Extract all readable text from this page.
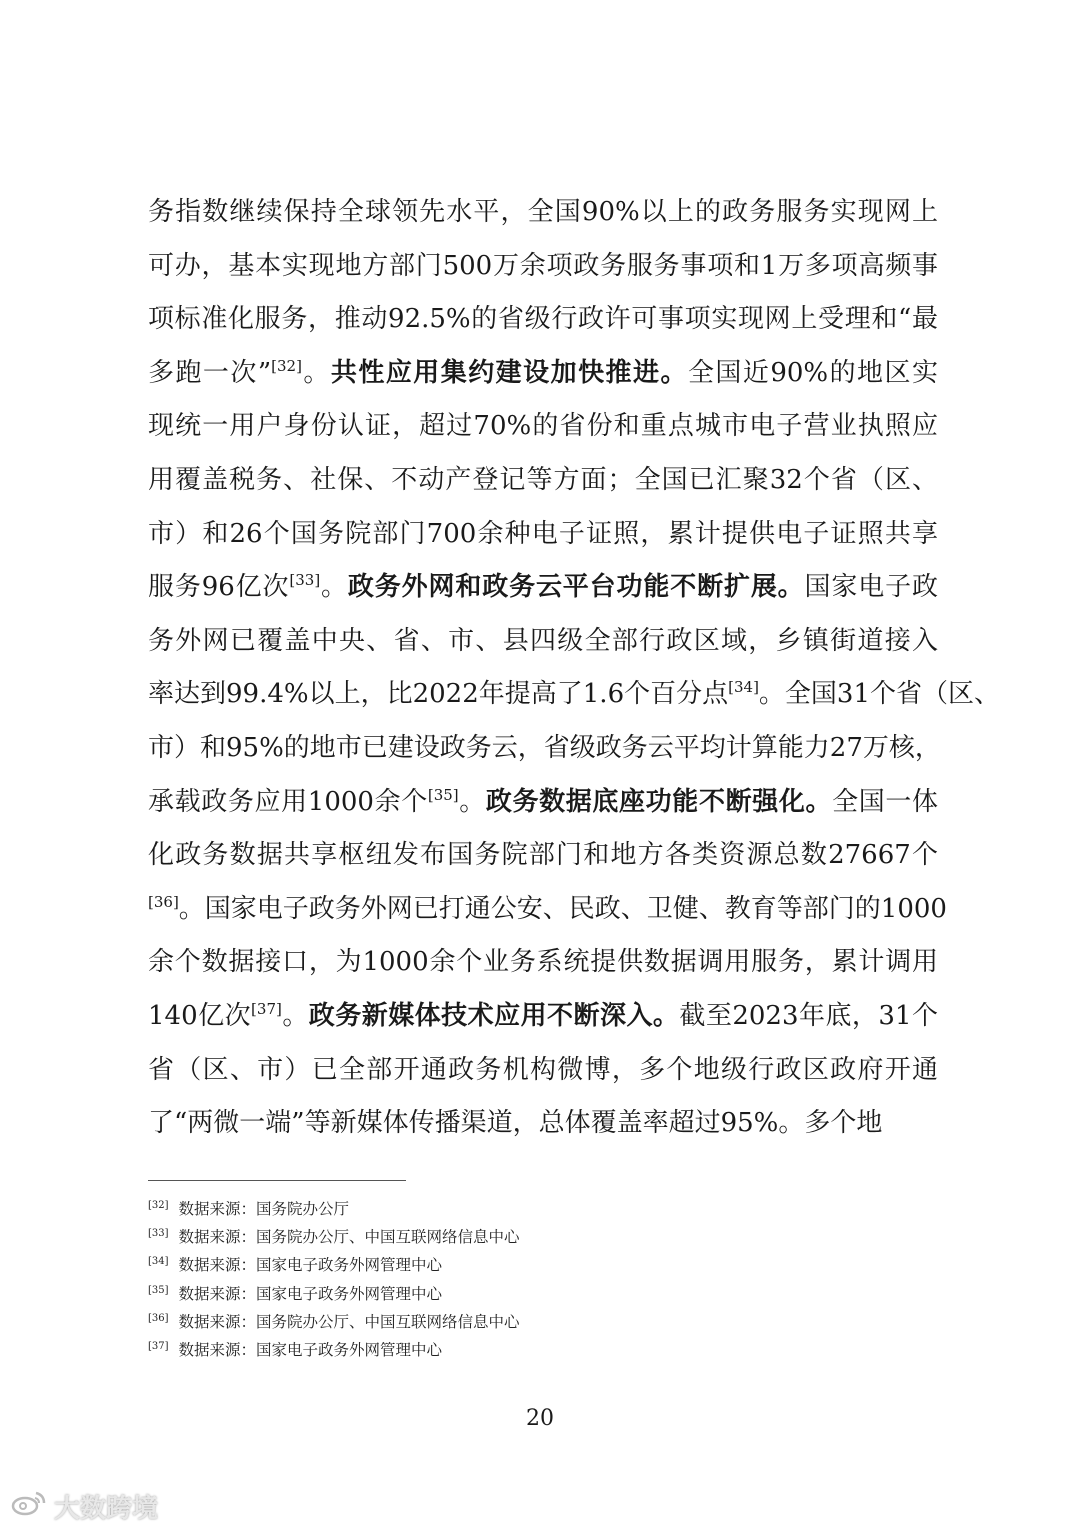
务指数继续保持全球领先水平，全国90%以上的政务服务实现网上
可办，基本实现地方部门500万余项政务服务事项和1万多项高频事
项标准化服务，推动92.5%的省级行政许可事项实现网上受理和“最
多跑一次”[32]。共性应用集约建设加快推进。全国近90%的地区实
现统一用户身份认证，超过70%的省份和重点城市电子营业执照应
用覆盖税务、社保、不动产登记等方面；全国已汇聚32个省（区、
市）和26个国务院部门700余种电子证照，累计提供电子证照共享
服务96亿次[33]。政务外网和政务云平台功能不断扩展。国家电子政
务外网已覆盖中央、省、市、县四级全部行政区域，乡镇街道接入
率达到99.4%以上，比2022年提高了1.6个百分点[34]。全国31个省（区、
市）和95%的地市已建设政务云，省级政务云平均计算能力27万核，
承载政务应用1000余个[35]。政务数据底座功能不断强化。全国一体
化政务数据共享枢纽发布国务院部门和地方各类资源总数27667个
[36]。国家电子政务外网已打通公安、民政、卫健、教育等部门的1000
余个数据接口，为1000余个业务系统提供数据调用服务，累计调用
140亿次[37]。政务新媒体技术应用不断深入。截至2023年底，31个
省（区、市）已全部开通政务机构微博，多个地级行政区政府开通
了“两微一端”等新媒体传播渠道，总体覆盖率超过95%。多个地
[32] 数据来源：国务院办公厅
[33] 数据来源：国务院办公厅、中国互联网络信息中心
[34] 数据来源：国家电子政务外网管理中心
[35] 数据来源：国家电子政务外网管理中心
[36] 数据来源：国务院办公厅、中国互联网络信息中心
[37] 数据来源：国家电子政务外网管理中心
20
大数跨境
